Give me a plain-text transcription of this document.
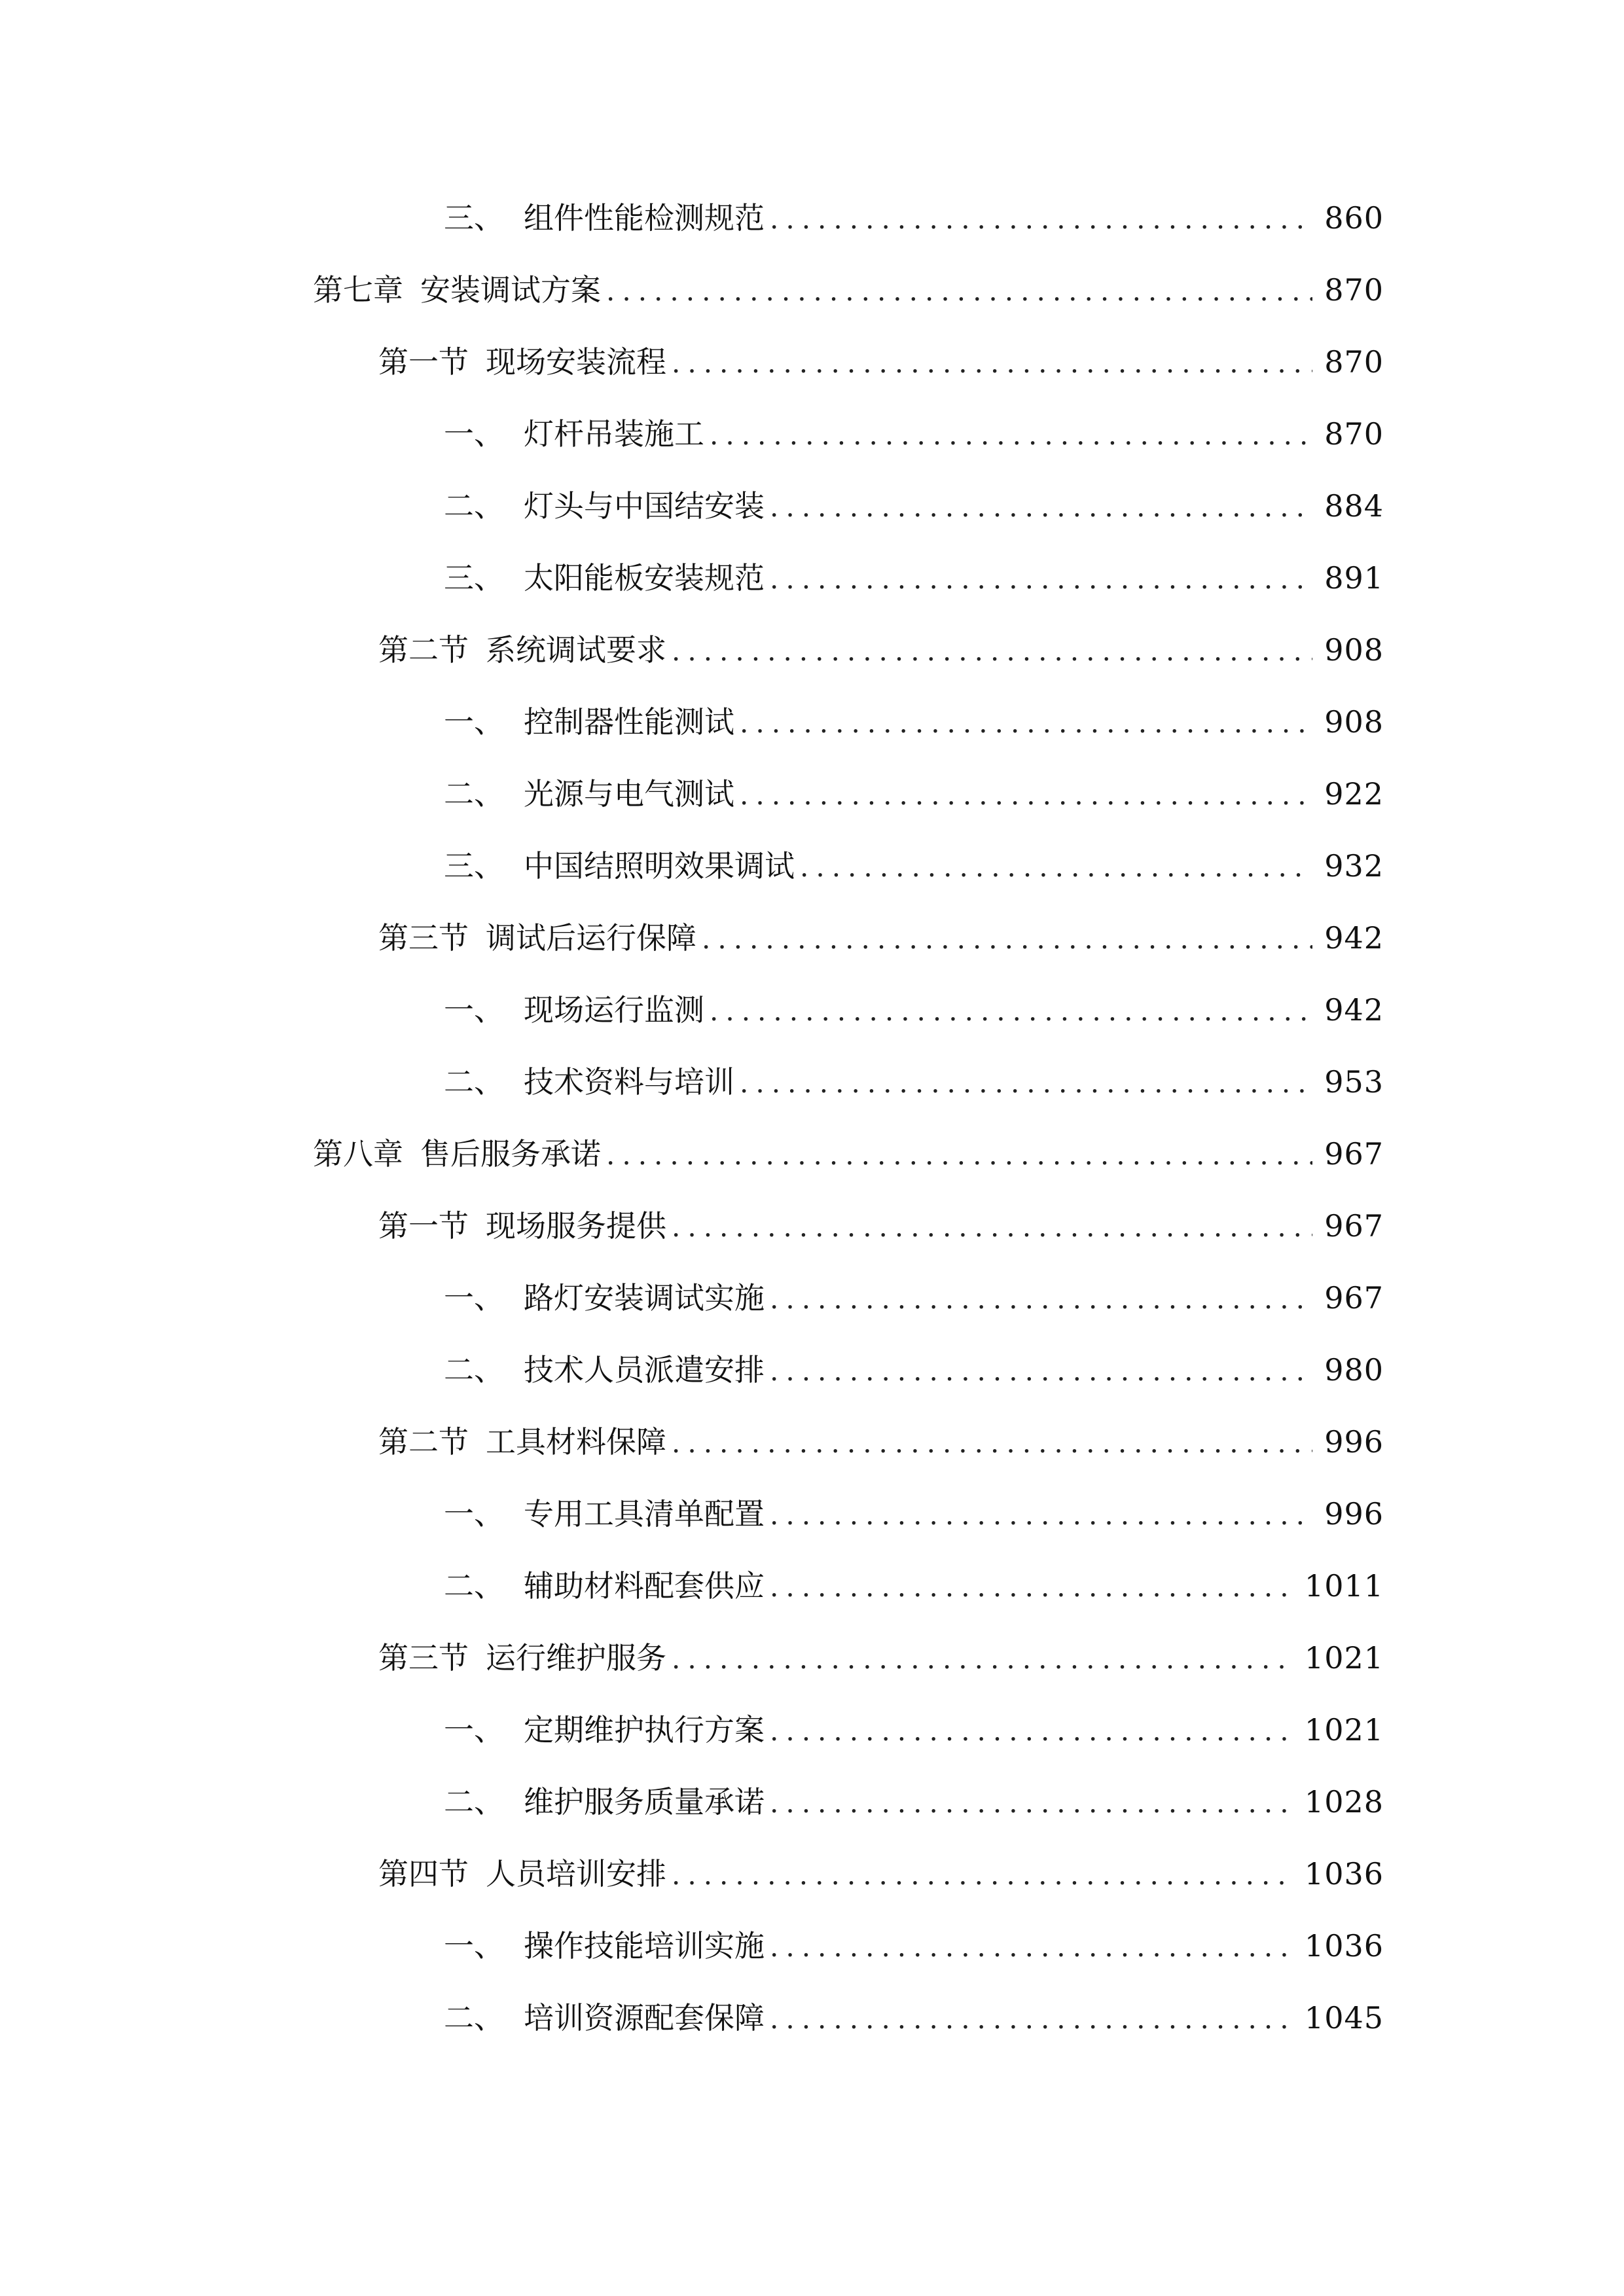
三、 组件性能检测规范 .....	860
第七章 安装调试方案 .....	870
第一节 现场安装流程 .....	870
一、 灯杆吊装施工 .....	870
二、 灯头与中国结安装 .....	884
三、 太阳能板安装规范 .....	891
第二节 系统调试要求 .....	908
一、 控制器性能测试 .....	908
二、 光源与电气测试 .....	922
三、 中国结照明效果调试 .....	932
第三节 调试后运行保障 .....	942
一、 现场运行监测 .....	942
二、 技术资料与培训 .....	953
第八章 售后服务承诺 .....	967
第一节 现场服务提供 .....	967
一、 路灯安装调试实施 .....	967
二、 技术人员派遣安排 .....	980
第二节 工具材料保障 .....	996
一、 专用工具清单配置 .....	996
二、 辅助材料配套供应 .....	1011
第三节 运行维护服务 .....	1021
一、 定期维护执行方案 .....	1021
二、 维护服务质量承诺 .....	1028
第四节 人员培训安排 .....	1036
一、 操作技能培训实施 .....	1036
二、 培训资源配套保障 .....	1045
